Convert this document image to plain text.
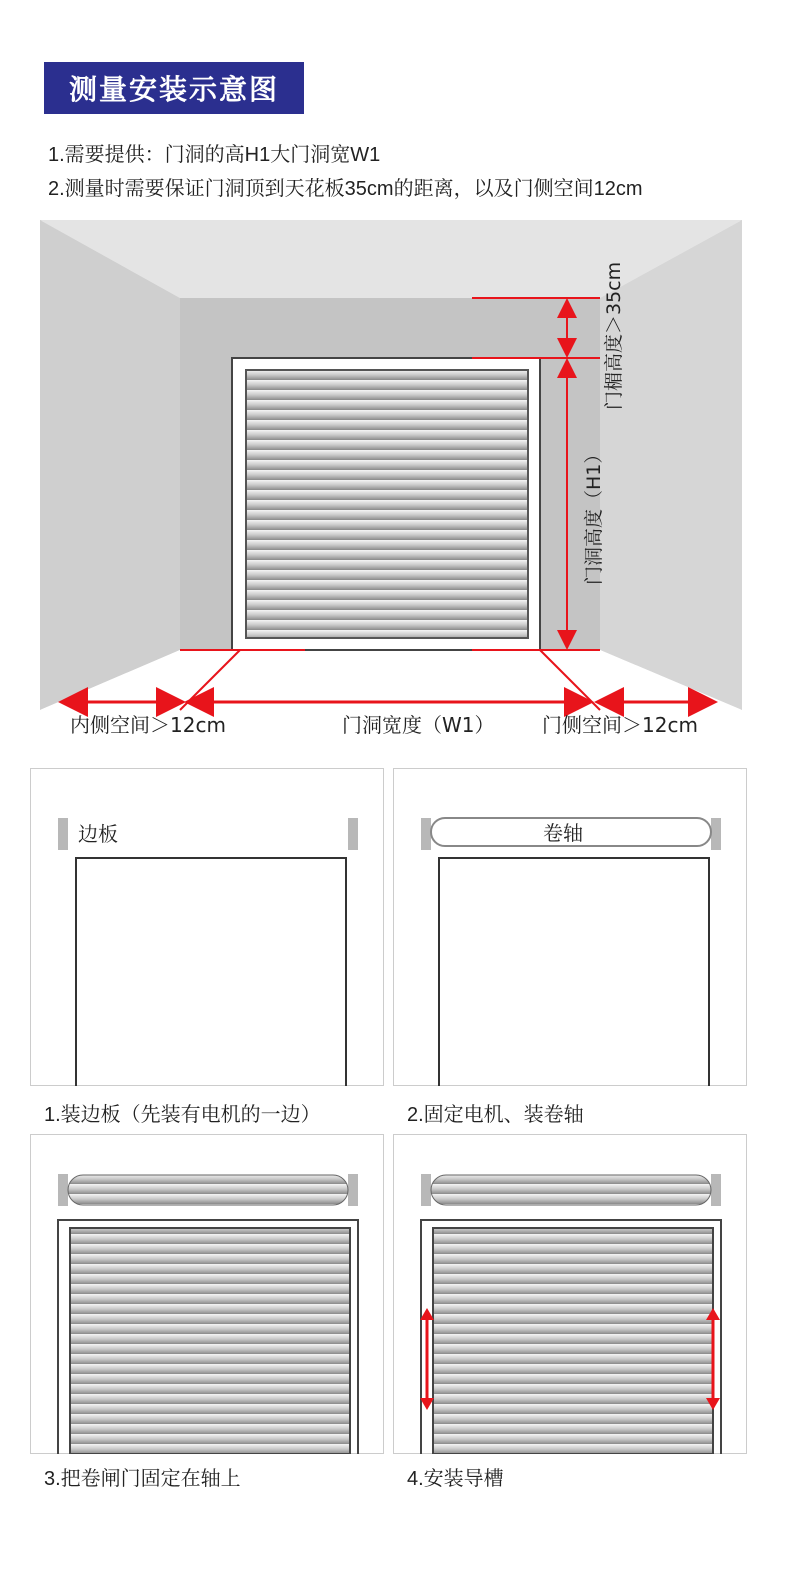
测量安装示意图
1.需要提供：门洞的高H1大门洞宽W1
2.测量时需要保证门洞顶到天花板35cm的距离，以及门侧空间12cm
门楣高度＞35cm
门洞高度（H1）
内侧空间＞12cm	门洞宽度（W1） 门侧空间＞12cm
边板
1.装边板（先装有电机的一边）
卷轴
2.固定电机、装卷轴
3.把卷闸门固定在轴上	4.安装导槽
